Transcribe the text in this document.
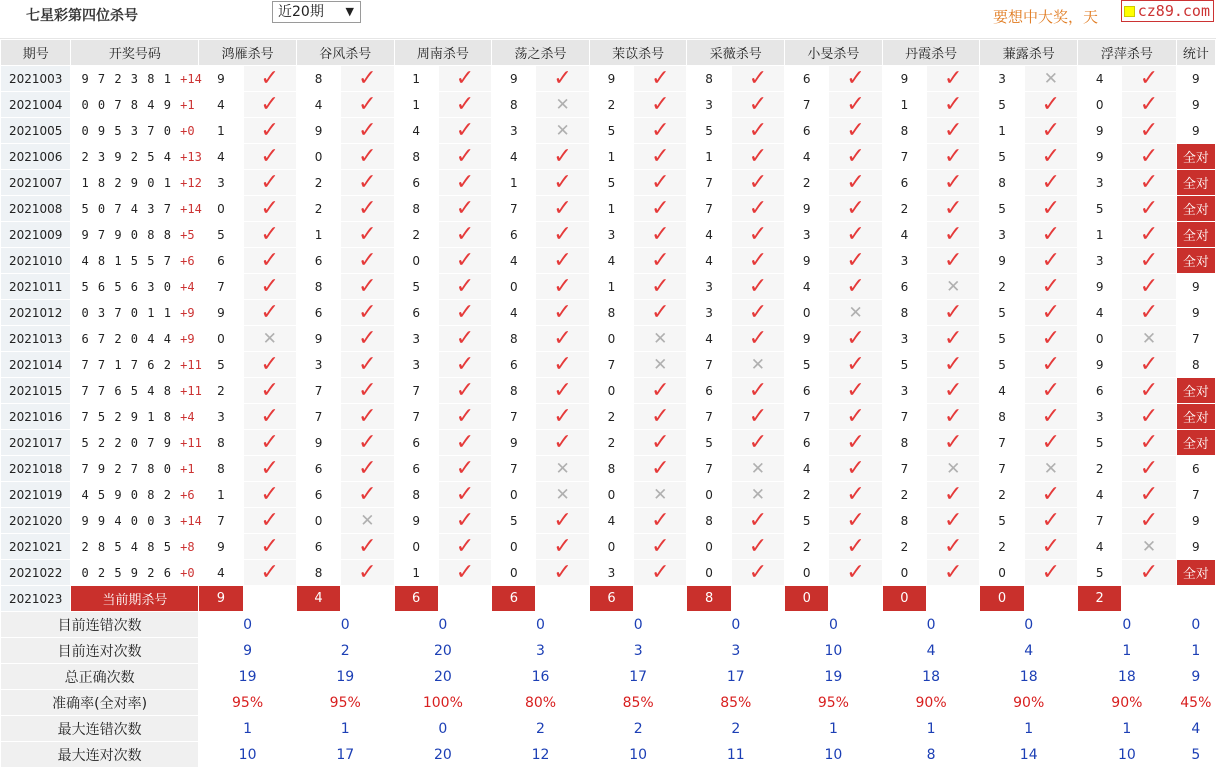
七星彩第四位杀号	近20期 ▼	要想中大奖，天	cz89.com
期号	开奖号码	鸿雁杀号		谷风杀号		周南杀号		荡之杀号		茉苡杀号		采薇杀号		小旻杀号		丹霞杀号		蒹露杀号		浮萍杀号		统计
2021003	9 7 2 3 8 1 +14	9	✓	8	✓	1	✓	9	✓	9	✓	8	✓	6	✓	9	✓	3	✕	4	✓	9
2021004	0 0 7 8 4 9 +1	4	✓	4	✓	1	✓	8	✕	2	✓	3	✓	7	✓	1	✓	5	✓	0	✓	9
2021005	0 9 5 3 7 0 +0	1	✓	9	✓	4	✓	3	✕	5	✓	5	✓	6	✓	8	✓	1	✓	9	✓	9
2021006	2 3 9 2 5 4 +13	4	✓	0	✓	8	✓	4	✓	1	✓	1	✓	4	✓	7	✓	5	✓	9	✓	全对
2021007	1 8 2 9 0 1 +12	3	✓	2	✓	6	✓	1	✓	5	✓	7	✓	2	✓	6	✓	8	✓	3	✓	全对
2021008	5 0 7 4 3 7 +14	0	✓	2	✓	8	✓	7	✓	1	✓	7	✓	9	✓	2	✓	5	✓	5	✓	全对
2021009	9 7 9 0 8 8 +5	5	✓	1	✓	2	✓	6	✓	3	✓	4	✓	3	✓	4	✓	3	✓	1	✓	全对
2021010	4 8 1 5 5 7 +6	6	✓	6	✓	0	✓	4	✓	4	✓	4	✓	9	✓	3	✓	9	✓	3	✓	全对
2021011	5 6 5 6 3 0 +4	7	✓	8	✓	5	✓	0	✓	1	✓	3	✓	4	✓	6	✕	2	✓	9	✓	9
2021012	0 3 7 0 1 1 +9	9	✓	6	✓	6	✓	4	✓	8	✓	3	✓	0	✕	8	✓	5	✓	4	✓	9
2021013	6 7 2 0 4 4 +9	0	✕	9	✓	3	✓	8	✓	0	✕	4	✓	9	✓	3	✓	5	✓	0	✕	7
2021014	7 7 1 7 6 2 +11	5	✓	3	✓	3	✓	6	✓	7	✕	7	✕	5	✓	5	✓	5	✓	9	✓	8
2021015	7 7 6 5 4 8 +11	2	✓	7	✓	7	✓	8	✓	0	✓	6	✓	6	✓	3	✓	4	✓	6	✓	全对
2021016	7 5 2 9 1 8 +4	3	✓	7	✓	7	✓	7	✓	2	✓	7	✓	7	✓	7	✓	8	✓	3	✓	全对
2021017	5 2 2 0 7 9 +11	8	✓	9	✓	6	✓	9	✓	2	✓	5	✓	6	✓	8	✓	7	✓	5	✓	全对
2021018	7 9 2 7 8 0 +1	8	✓	6	✓	6	✓	7	✕	8	✓	7	✕	4	✓	7	✕	7	✕	2	✓	6
2021019	4 5 9 0 8 2 +6	1	✓	6	✓	8	✓	0	✕	0	✕	0	✕	2	✓	2	✓	2	✓	4	✓	7
2021020	9 9 4 0 0 3 +14	7	✓	0	✕	9	✓	5	✓	4	✓	8	✓	5	✓	8	✓	5	✓	7	✓	9
2021021	2 8 5 4 8 5 +8	9	✓	6	✓	0	✓	0	✓	0	✓	0	✓	2	✓	2	✓	2	✓	4	✕	9
2021022	0 2 5 9 2 6 +0	4	✓	8	✓	1	✓	0	✓	3	✓	0	✓	0	✓	0	✓	0	✓	5	✓	全对
2021023	当前期杀号	9		4		6		6		6		8		0		0		0		2		
目前连错次数		0		0		0		0		0		0		0		0		0		0		0
目前连对次数		9		2		20		3		3		3		10		4		4		1		1
总正确次数		19		19		20		16		17		17		19		18		18		18		9
准确率(全对率)		95%		95%		100%		80%		85%		85%		95%		90%		90%		90%		45%
最大连错次数		1		1		0		2		2		2		1		1		1		1		4
最大连对次数		10		17		20		12		10		11		10		8		14		10		5
